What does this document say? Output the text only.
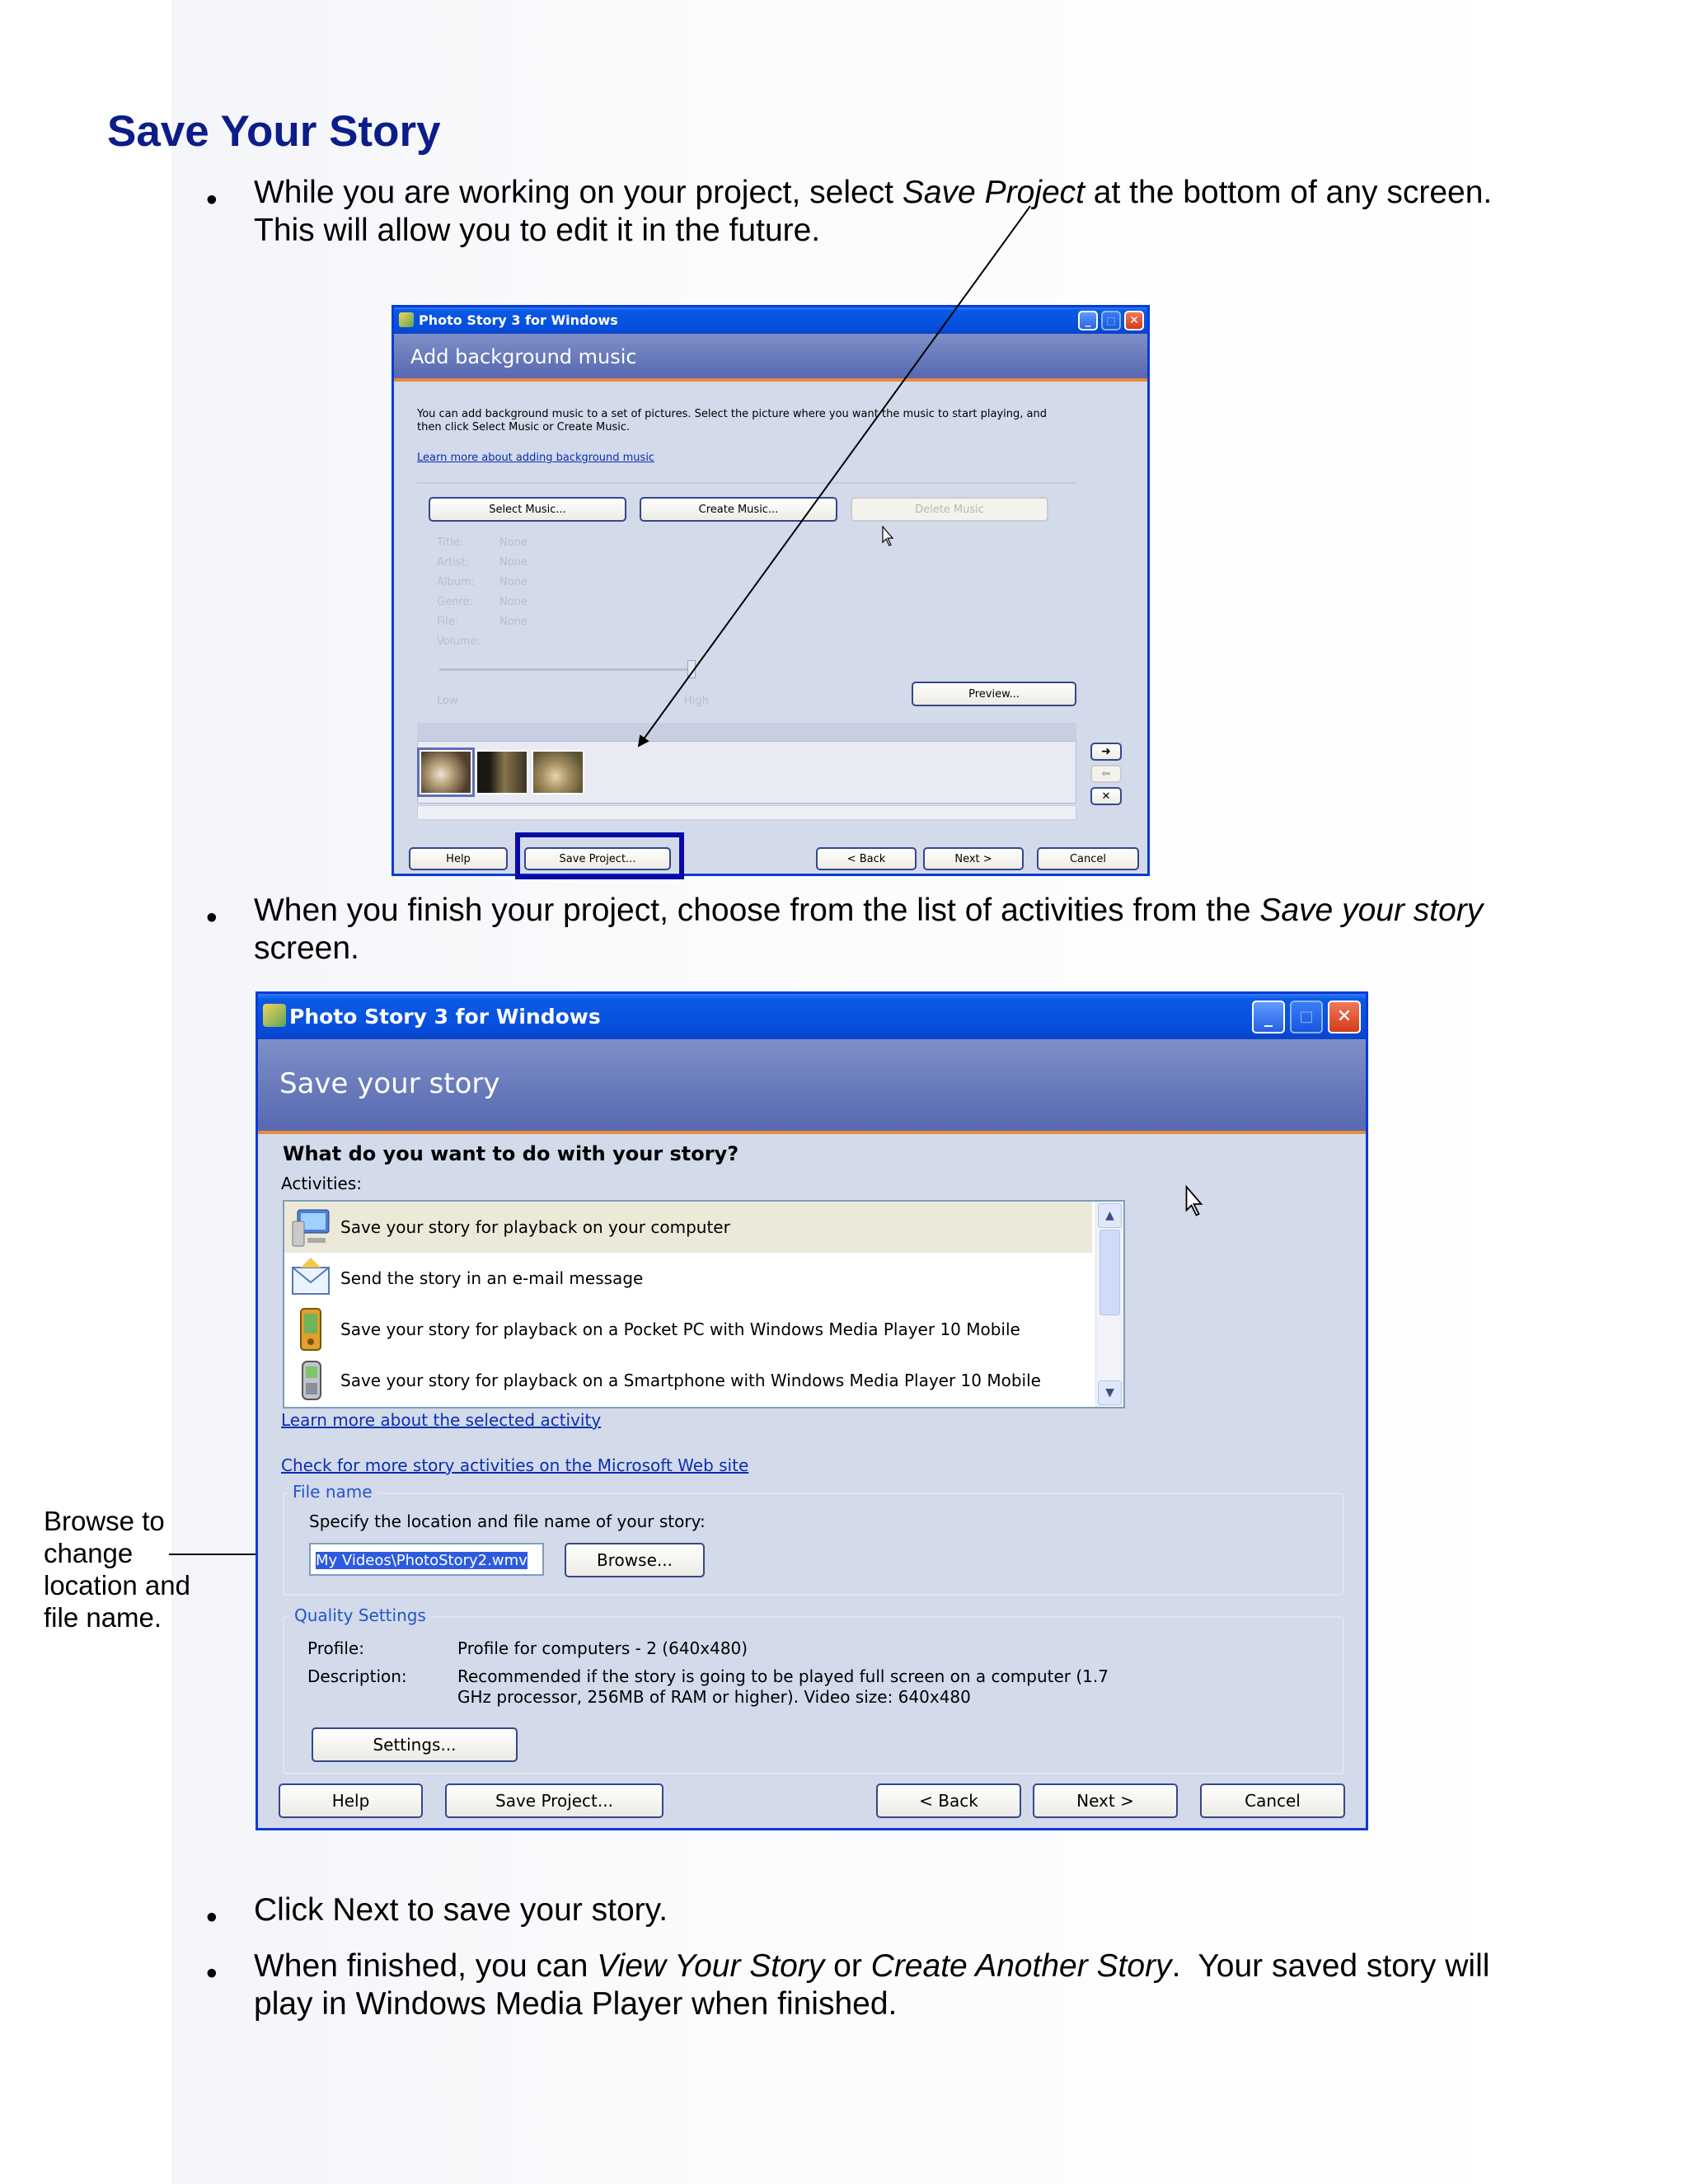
Save Your Story
• While you are working on your project, select Save Project at the bottom of any screen. This will allow you to edit it in the future.

Photo Story 3 for Windows	_	□	✕
Add background music
You can add background music to a set of pictures. Select the picture where you want the music to start playing, and then click Select Music or Create Music.
Learn more about adding background music
Select Music...	Create Music...	Delete Music
Low	High
Preview...
➜
⬅
✕
Help	Save Project...	< Back	Next >	Cancel
Title:	None
Artist:	None
Album: None
Genre: None
File:	None
Volume:
• When you finish your project, choose from the list of activities from the Save your story screen.

Photo Story 3 for Windows	_	□	✕
Save your story
What do you want to do with your story?
Activities:
Save your story for playback on your computer
Send the story in an e-mail message
Save your story for playback on a Pocket PC with Windows Media Player 10 Mobile
Save your story for playback on a Smartphone with Windows Media Player 10 Mobile
▲
▼
Learn more about the selected activity
Check for more story activities on the Microsoft Web site
File name
Specify the location and file name of your story:
My Videos\PhotoStory2.wmv	Browse...
Quality Settings
Profile:	Profile for computers - 2 (640x480)
Description:	Recommended if the story is going to be played full screen on a computer (1.7 GHz processor, 256MB of RAM or higher). Video size: 640x480
Settings...
Help	Save Project...	< Back	Next >	Cancel

Browse to change location and file name.

• Click Next to save your story.

• When finished, you can View Your Story or Create Another Story.  Your saved story will play in Windows Media Player when finished.
